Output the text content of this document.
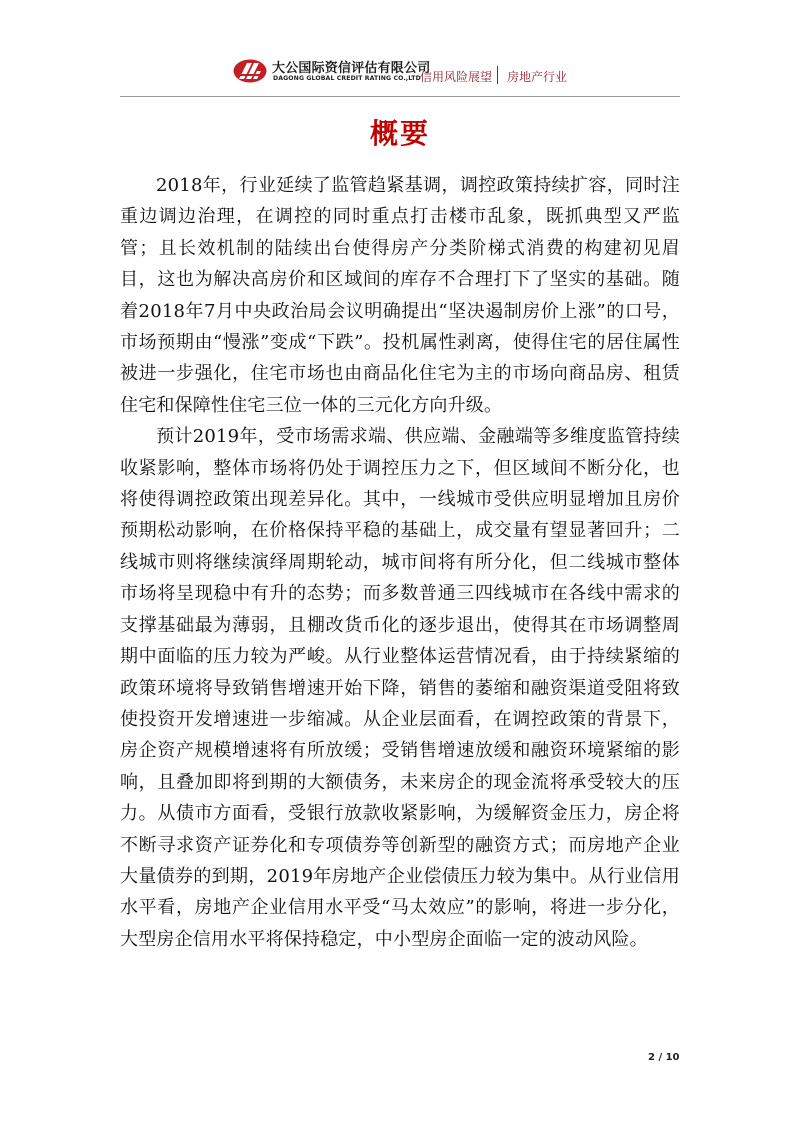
大公国际资信评估有限公司
DAGONG GLOBAL CREDIT RATING CO.,LTD 信用风险展望 房地产行业
概要

2018年，行业延续了监管趋紧基调，调控政策持续扩容，同时注重边调边治理，在调控的同时重点打击楼市乱象，既抓典型又严监管；且长效机制的陆续出台使得房产分类阶梯式消费的构建初见眉目，这也为解决高房价和区域间的库存不合理打下了坚实的基础。随着2018年7月中央政治局会议明确提出“坚决遏制房价上涨”的口号，市场预期由“慢涨”变成“下跌”。投机属性剥离，使得住宅的居住属性被进一步强化，住宅市场也由商品化住宅为主的市场向商品房、租赁住宅和保障性住宅三位一体的三元化方向升级。

预计2019年，受市场需求端、供应端、金融端等多维度监管持续收紧影响，整体市场将仍处于调控压力之下，但区域间不断分化，也将使得调控政策出现差异化。其中，一线城市受供应明显增加且房价预期松动影响，在价格保持平稳的基础上，成交量有望显著回升；二线城市则将继续演绎周期轮动，城市间将有所分化，但二线城市整体市场将呈现稳中有升的态势；而多数普通三四线城市在各线中需求的支撑基础最为薄弱，且棚改货币化的逐步退出，使得其在市场调整周期中面临的压力较为严峻。从行业整体运营情况看，由于持续紧缩的政策环境将导致销售增速开始下降，销售的萎缩和融资渠道受阻将致使投资开发增速进一步缩减。从企业层面看，在调控政策的背景下，房企资产规模增速将有所放缓；受销售增速放缓和融资环境紧缩的影响，且叠加即将到期的大额债务，未来房企的现金流将承受较大的压力。从债市方面看，受银行放款收紧影响，为缓解资金压力，房企将不断寻求资产证券化和专项债券等创新型的融资方式；而房地产企业大量债券的到期，2019年房地产企业偿债压力较为集中。从行业信用水平看，房地产企业信用水平受“马太效应”的影响，将进一步分化，大型房企信用水平将保持稳定，中小型房企面临一定的波动风险。

2 / 10
